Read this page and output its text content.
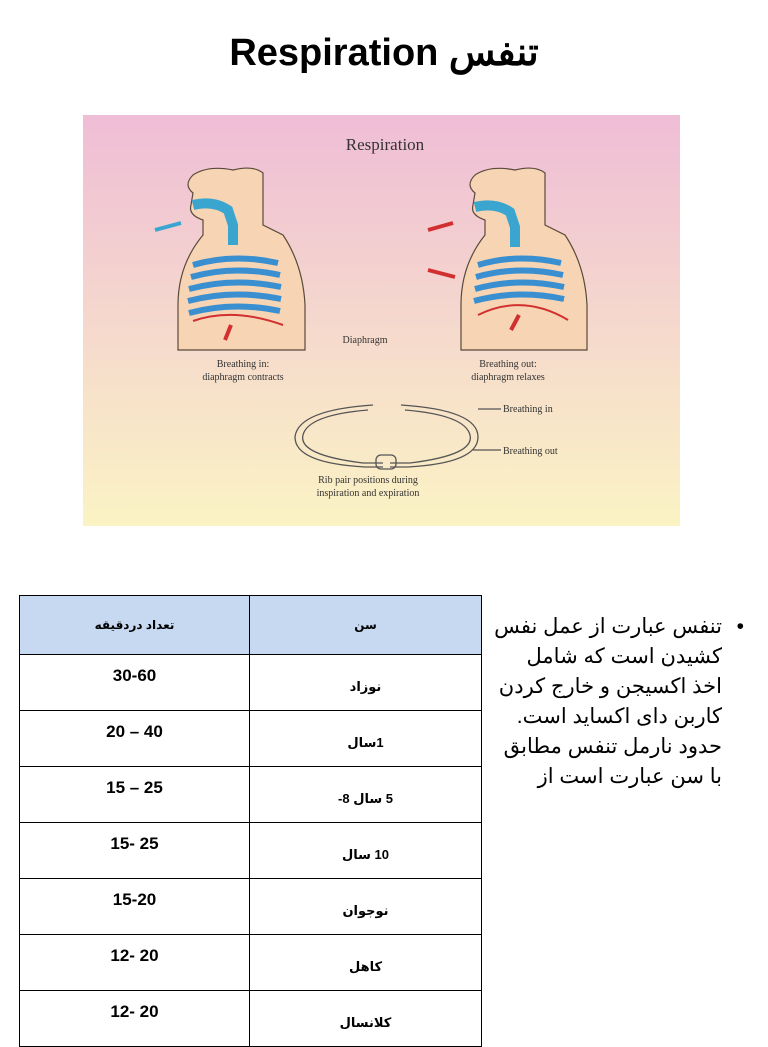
تنفس Respiration
Respiration
Diaphragm
Breathing in:
diaphragm contracts
Breathing out:
diaphragm relaxes
Breathing in
Breathing out
Rib pair positions during
inspiration and expiration
تعداد دردقیقه	سن
30-60	نوزاد
20 – 40	1سال
15 – 25	5 سال 8-
15- 25	10 سال
15-20	نوجوان
12- 20	کاهل
12- 20	کلانسال
•

تنفس عبارت از عمل نفس کشیدن است که شامل اخذ اکسیجن و خارج کردن کاربن دای اکساید است. حدود نارمل تنفس مطابق با سن عبارت است از
